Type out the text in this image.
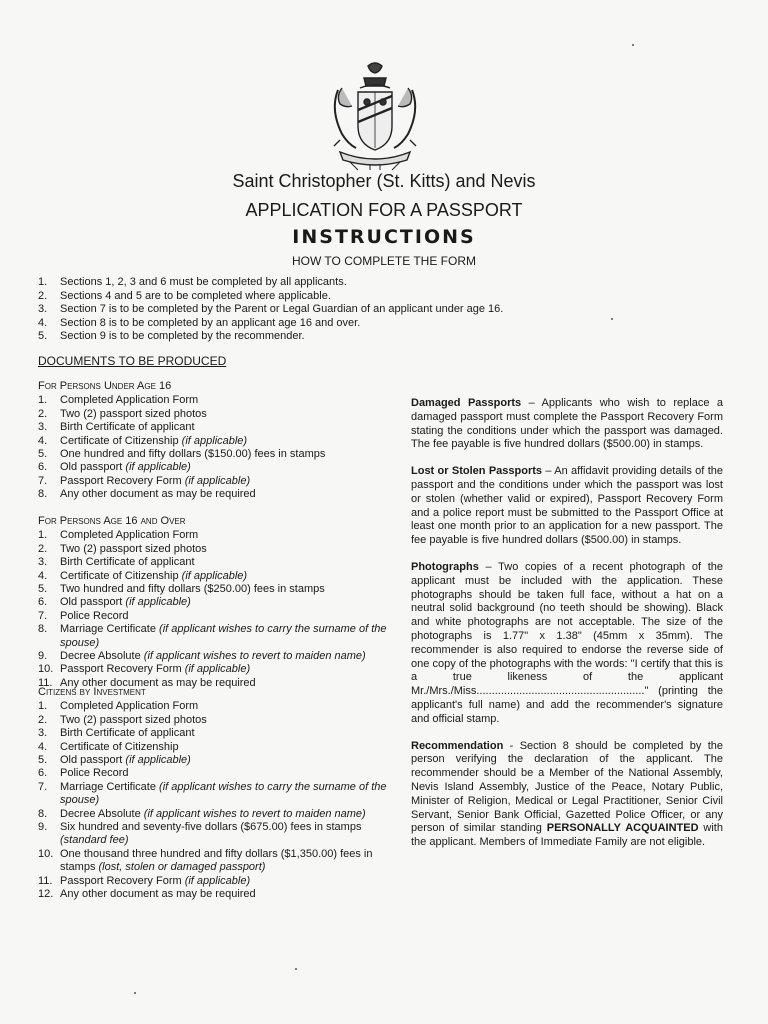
Saint Christopher (St. Kitts) and Nevis
APPLICATION FOR A PASSPORT
INSTRUCTIONS
HOW TO COMPLETE THE FORM
1.	Sections 1, 2, 3 and 6 must be completed by all applicants.
2.	Sections 4 and 5 are to be completed where applicable.
3.	Section 7 is to be completed by the Parent or Legal Guardian of an applicant under age 16.
4.	Section 8 is to be completed by an applicant age 16 and over.
5.	Section 9 is to be completed by the recommender.
DOCUMENTS TO BE PRODUCED
For Persons Under Age 16
1.	Completed Application Form
2.	Two (2) passport sized photos
3.	Birth Certificate of applicant
4.	Certificate of Citizenship (if applicable)
5.	One hundred and fifty dollars ($150.00) fees in stamps
6.	Old passport (if applicable)
7.	Passport Recovery Form (if applicable)
8.	Any other document as may be required
For Persons Age 16 and Over
1.	Completed Application Form
2.	Two (2) passport sized photos
3.	Birth Certificate of applicant
4.	Certificate of Citizenship (if applicable)
5.	Two hundred and fifty dollars ($250.00) fees in stamps
6.	Old passport (if applicable)
7.	Police Record
8.	Marriage Certificate (if applicant wishes to carry the surname of the spouse)
9.	Decree Absolute (if applicant wishes to revert to maiden name)
10. Passport Recovery Form (if applicable)
11. Any other document as may be required
Citizens by Investment
1.	Completed Application Form
2.	Two (2) passport sized photos
3.	Birth Certificate of applicant
4.	Certificate of Citizenship
5.	Old passport (if applicable)
6.	Police Record
7.	Marriage Certificate (if applicant wishes to carry the surname of the spouse)
8.	Decree Absolute (if applicant wishes to revert to maiden name)
9.	Six hundred and seventy-five dollars ($675.00) fees in stamps (standard fee)
10. One thousand three hundred and fifty dollars ($1,350.00) fees in stamps (lost, stolen or damaged passport)
11. Passport Recovery Form (if applicable)
12. Any other document as may be required
Damaged Passports – Applicants who wish to replace a damaged passport must complete the Passport Recovery Form stating the conditions under which the passport was damaged. The fee payable is five hundred dollars ($500.00) in stamps.
Lost or Stolen Passports – An affidavit providing details of the passport and the conditions under which the passport was lost or stolen (whether valid or expired), Passport Recovery Form and a police report must be submitted to the Passport Office at least one month prior to an application for a new passport. The fee payable is five hundred dollars ($500.00) in stamps.
Photographs – Two copies of a recent photograph of the applicant must be included with the application. These photographs should be taken full face, without a hat on a neutral solid background (no teeth should be showing). Black and white photographs are not acceptable. The size of the photographs is 1.77" x 1.38" (45mm x 35mm). The recommender is also required to endorse the reverse side of one copy of the photographs with the words: "I certify that this is a true likeness of the applicant Mr./Mrs./Miss......................................................." (printing the applicant's full name) and add the recommender's signature and official stamp.
Recommendation - Section 8 should be completed by the person verifying the declaration of the applicant. The recommender should be a Member of the National Assembly, Nevis Island Assembly, Justice of the Peace, Notary Public, Minister of Religion, Medical or Legal Practitioner, Senior Civil Servant, Senior Bank Official, Gazetted Police Officer, or any person of similar standing PERSONALLY ACQUAINTED with the applicant. Members of Immediate Family are not eligible.
